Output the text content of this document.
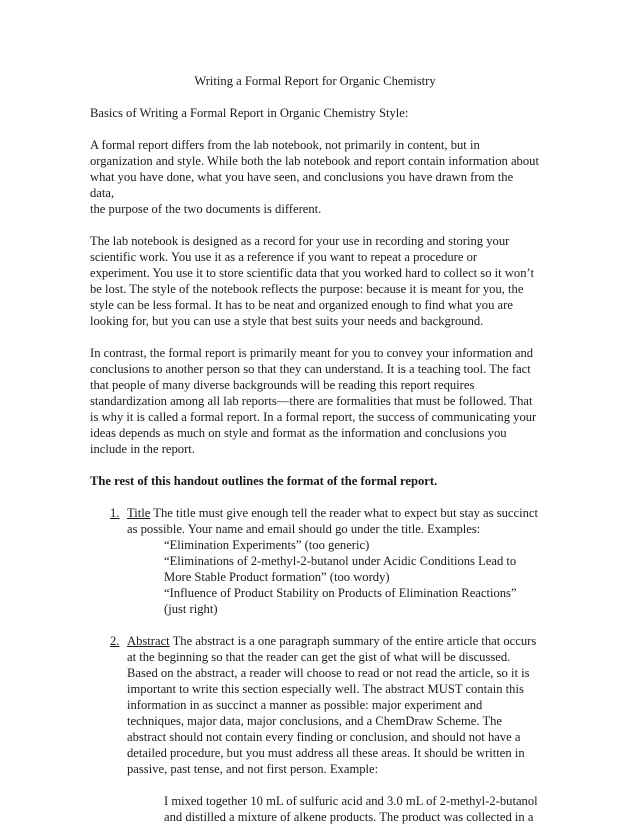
Writing a Formal Report for Organic Chemistry

Basics of Writing a Formal Report in Organic Chemistry Style:

A formal report differs from the lab notebook, not primarily in content, but in
organization and style. While both the lab notebook and report contain information about
what you have done, what you have seen, and conclusions you have drawn from the data,
the purpose of the two documents is different.

The lab notebook is designed as a record for your use in recording and storing your
scientific work. You use it as a reference if you want to repeat a procedure or
experiment. You use it to store scientific data that you worked hard to collect so it won’t
be lost. The style of the notebook reflects the purpose: because it is meant for you, the
style can be less formal. It has to be neat and organized enough to find what you are
looking for, but you can use a style that best suits your needs and background.

In contrast, the formal report is primarily meant for you to convey your information and
conclusions to another person so that they can understand. It is a teaching tool. The fact
that people of many diverse backgrounds will be reading this report requires
standardization among all lab reports—there are formalities that must be followed. That
is why it is called a formal report. In a formal report, the success of communicating your
ideas depends as much on style and format as the information and conclusions you
include in the report.

The rest of this handout outlines the format of the formal report.

1. Title The title must give enough tell the reader what to expect but stay as succinct
as possible. Your name and email should go under the title. Examples:

“Elimination Experiments” (too generic)
“Eliminations of 2-methyl-2-butanol under Acidic Conditions Lead to
More Stable Product formation” (too wordy)
“Influence of Product Stability on Products of Elimination Reactions”
(just right)
2. Abstract The abstract is a one paragraph summary of the entire article that occurs
at the beginning so that the reader can get the gist of what will be discussed.
Based on the abstract, a reader will choose to read or not read the article, so it is
important to write this section especially well. The abstract MUST contain this
information in as succinct a manner as possible: major experiment and
techniques, major data, major conclusions, and a ChemDraw Scheme. The
abstract should not contain every finding or conclusion, and should not have a
detailed procedure, but you must address all these areas. It should be written in
passive, past tense, and not first person. Example:

I mixed together 10 mL of sulfuric acid and 3.0 mL of 2-methyl-2-butanol
and distilled a mixture of alkene products. The product was collected in a
